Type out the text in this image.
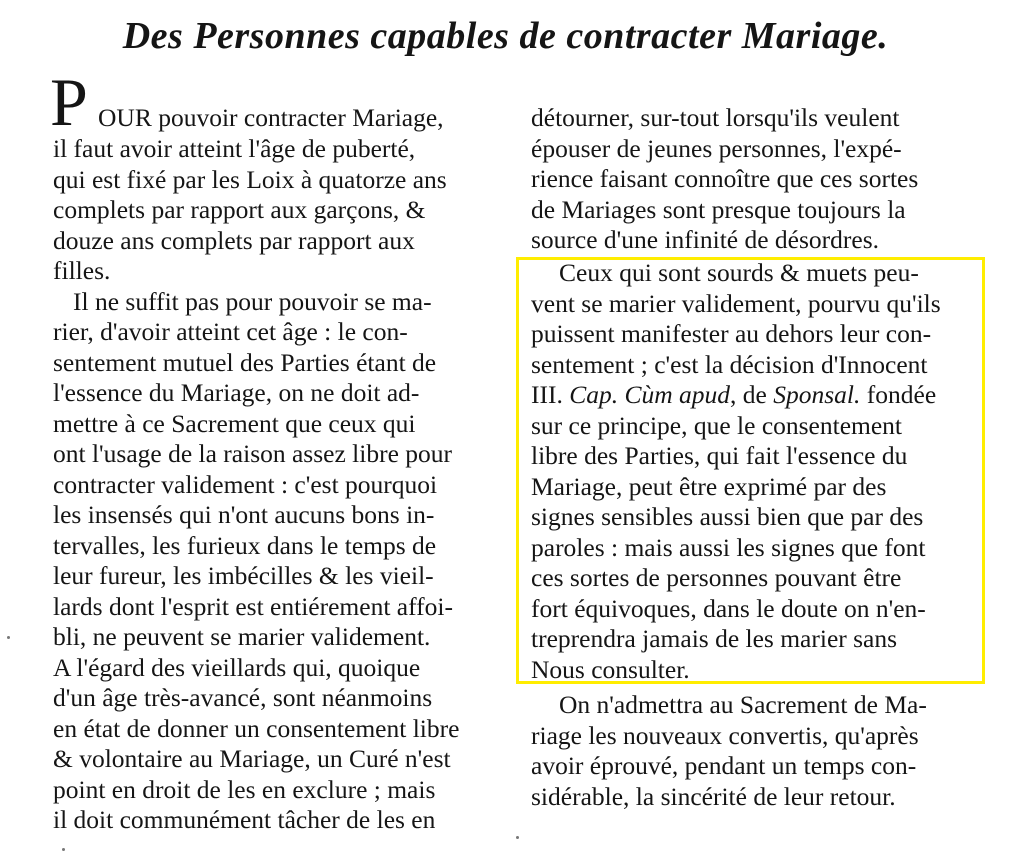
Des Personnes capables de contracter Mariage.
P OUR pouvoir contracter Mariage,
il faut avoir atteint l'âge de puberté,
qui est fixé par les Loix à quatorze ans
complets par rapport aux garçons, &
douze ans complets par rapport aux
filles.
Il ne suffit pas pour pouvoir se ma-
rier, d'avoir atteint cet âge : le con-
sentement mutuel des Parties étant de
l'essence du Mariage, on ne doit ad-
mettre à ce Sacrement que ceux qui
ont l'usage de la raison assez libre pour
contracter validement : c'est pourquoi
les insensés qui n'ont aucuns bons in-
tervalles, les furieux dans le temps de
leur fureur, les imbécilles & les vieil-
lards dont l'esprit est entiérement affoi-
bli, ne peuvent se marier validement.
A l'égard des vieillards qui, quoique
d'un âge très-avancé, sont néanmoins
en état de donner un consentement libre
& volontaire au Mariage, un Curé n'est
point en droit de les en exclure ; mais
il doit communément tâcher de les en
III. Cap. Cùm apud, de Sponsal. fondée
détourner, sur-tout lorsqu'ils veulent
épouser de jeunes personnes, l'expé-
rience faisant connoître que ces sortes
de Mariages sont presque toujours la
source d'une infinité de désordres.
Ceux qui sont sourds & muets peu-
vent se marier validement, pourvu qu'ils
puissent manifester au dehors leur con-
sentement ; c'est la décision d'Innocent
sur ce principe, que le consentement
libre des Parties, qui fait l'essence du
Mariage, peut être exprimé par des
signes sensibles aussi bien que par des
paroles : mais aussi les signes que font
ces sortes de personnes pouvant être
fort équivoques, dans le doute on n'en-
treprendra jamais de les marier sans
Nous consulter.
On n'admettra au Sacrement de Ma-
riage les nouveaux convertis, qu'après
avoir éprouvé, pendant un temps con-
sidérable, la sincérité de leur retour.
